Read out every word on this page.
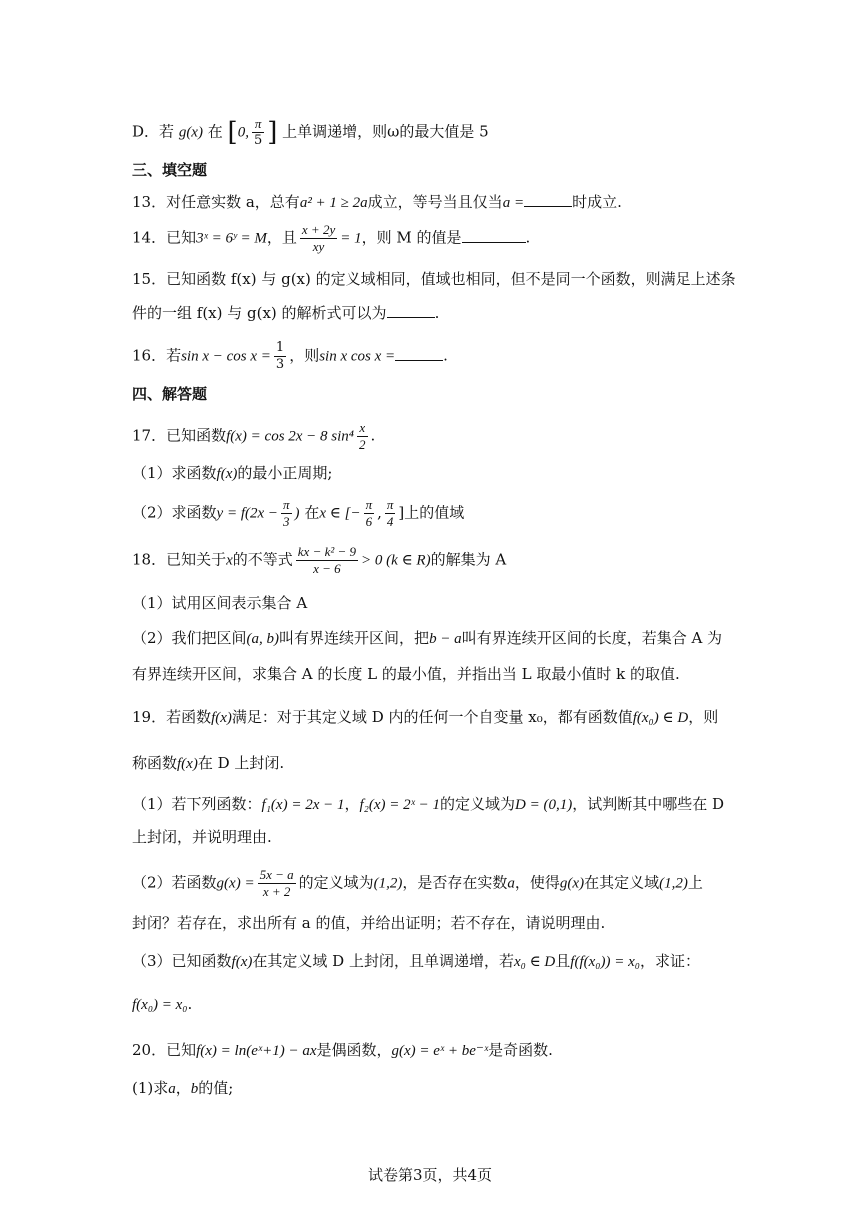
D．若 g(x) 在 [0, $\frac{\pi}{5}$ ] 上单调递增，则ω的最大值是 5
三、填空题
13．对任意实数 a，总有a² + 1 ≥ 2a成立，等号当且仅当a =	时成立.
14．已知3ˣ = 6ʸ = M，且 $\frac{x + 2y}{xy} = 1$，则 M 的值是	.
15．已知函数 f(x) 与 g(x) 的定义域相同，值域也相同，但不是同一个函数，则满足上述条
件的一组 f(x) 与 g(x) 的解析式可以为	.
16．若$\sin x - \cos x = \frac{1}{3}$ ，则sin x cos x =	.
四、解答题
17．已知函数f(x) = cos 2x − 8 $\sin^4 \frac{x}{2}$ .
（1）求函数f(x)的最小正周期;
（2）求函数$y = f(2x - \frac{\pi}{3}$ ) 在x ∈ [− $\frac{\pi}{6}$ , $\frac{\pi}{4}$ ]上的值域
18．已知关于x的不等式 $\frac{\text{kx − k² − 9}}{x - 6} > 0$ (k ∈ R)的解集为 A
（1）试用区间表示集合 A
（2）我们把区间(a, b)叫有界连续开区间，把b − a叫有界连续开区间的长度，若集合 A 为
有界连续开区间，求集合 A 的长度 L 的最小值，并指出当 L 取最小值时 k 的取值.
19．若函数f(x)满足：对于其定义域 D 内的任何一个自变量 x₀，都有函数值f(x₀) ∈ D，则
称函数f(x)在 D 上封闭.
（1）若下列函数：f₁(x) = 2x − 1，f₂(x) = 2ˣ − 1的定义域为D = (0,1)，试判断其中哪些在 D
上封闭，并说明理由.
（2）若函数$g(x) = \frac{5x - a}{x + 2}$ 的定义域为(1,2)，是否存在实数a，使得g(x)在其定义域(1,2)上
封闭？若存在，求出所有 a 的值，并给出证明；若不存在，请说明理由.
（3）已知函数f(x)在其定义域 D 上封闭，且单调递增，若x₀ ∈ D且f(f(x₀)) = x₀，求证：
f(x₀) = x₀.
20．已知f(x) = ln(eˣ+1) − ax是偶函数，g(x) = eˣ + be⁻ˣ是奇函数.
(1)求a，b的值;
试卷第3页，共4页
